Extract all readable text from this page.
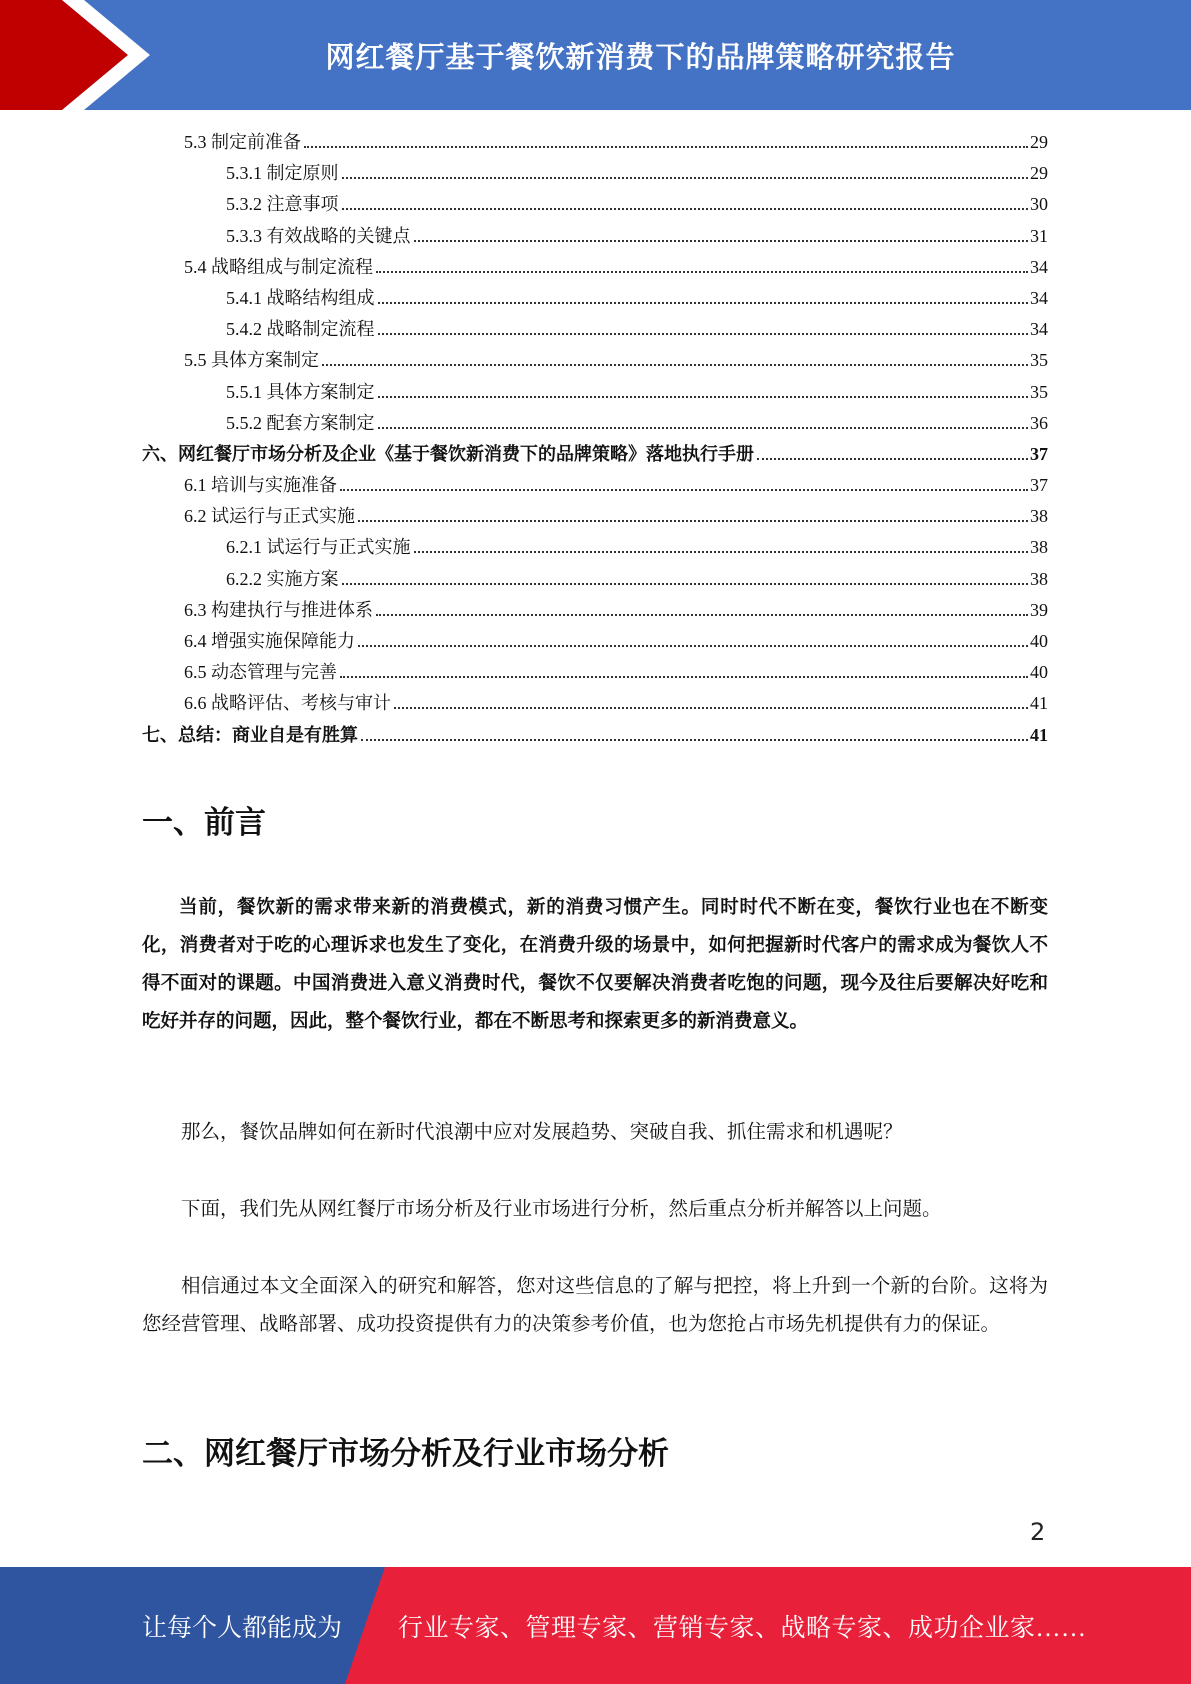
网红餐厅基于餐饮新消费下的品牌策略研究报告
5.3 制定前准备	29
5.3.1 制定原则	29
5.3.2 注意事项	30
5.3.3 有效战略的关键点	31
5.4 战略组成与制定流程	34
5.4.1 战略结构组成	34
5.4.2 战略制定流程	34
5.5 具体方案制定	35
5.5.1 具体方案制定	35
5.5.2 配套方案制定	36
六、网红餐厅市场分析及企业《基于餐饮新消费下的品牌策略》落地执行手册	37
6.1 培训与实施准备	37
6.2 试运行与正式实施	38
6.2.1 试运行与正式实施	38
6.2.2 实施方案	38
6.3 构建执行与推进体系	39
6.4 增强实施保障能力	40
6.5 动态管理与完善	40
6.6 战略评估、考核与审计	41
七、总结：商业自是有胜算	41
一、前言
当前，餐饮新的需求带来新的消费模式，新的消费习惯产生。同时时代不断在变，餐饮行业也在不断变化，消费者对于吃的心理诉求也发生了变化，在消费升级的场景中，如何把握新时代客户的需求成为餐饮人不得不面对的课题。中国消费进入意义消费时代，餐饮不仅要解决消费者吃饱的问题，现今及往后要解决好吃和吃好并存的问题，因此，整个餐饮行业，都在不断思考和探索更多的新消费意义。
那么，餐饮品牌如何在新时代浪潮中应对发展趋势、突破自我、抓住需求和机遇呢？
下面，我们先从网红餐厅市场分析及行业市场进行分析，然后重点分析并解答以上问题。
相信通过本文全面深入的研究和解答，您对这些信息的了解与把控，将上升到一个新的台阶。这将为您经营管理、战略部署、成功投资提供有力的决策参考价值，也为您抢占市场先机提供有力的保证。
二、网红餐厅市场分析及行业市场分析
2
让每个人都能成为 行业专家、管理专家、营销专家、战略专家、成功企业家……
